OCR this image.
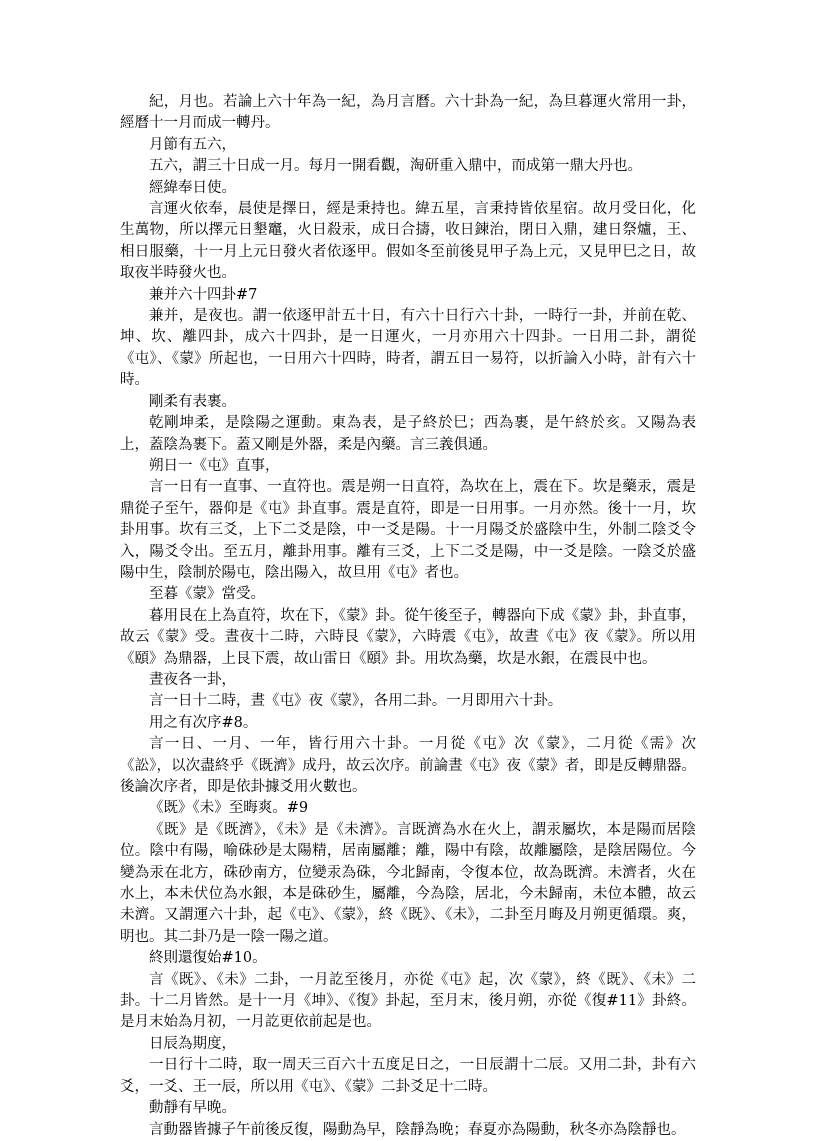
紀，月也。若論上六十年為一紀，為月言曆。六十卦為一紀，為旦暮運火常用一卦，經曆十一月而成一轉丹。

月節有五六，

五六，謂三十日成一月。每月一開看觀，淘研重入鼎中，而成第一鼎大丹也。

經緯奉日使。

言運火依奉，晨使是擇日，經是秉持也。緯五星，言秉持皆依星宿。故月受日化，化生萬物，所以擇元日墾竈，火日殺汞，成日合擣，收日鍊治，閉日入鼎，建日祭爐，王、相日服藥，十一月上元日發火者依逐甲。假如冬至前後見甲子為上元，又見甲巳之日，故取夜半時發火也。

兼并六十四卦#7

兼并，是夜也。謂一依逐甲計五十日，有六十日行六十卦，一時行一卦，并前在乾、坤、坎、離四卦，成六十四卦，是一日運火，一月亦用六十四卦。一日用二卦，謂從《屯》、《蒙》所起也，一日用六十四時，時者，謂五日一易符，以折論入小時，計有六十時。

剛柔有表裹。

乾剛坤柔，是陰陽之運動。東為表，是子終於巳；西為裹，是午終於亥。又陽為表上，蓋陰為裹下。蓋又剛是外器，柔是內藥。言三義俱通。

朔日一《屯》直事，

言一日有一直事、一直符也。震是朔一日直符，為坎在上，震在下。坎是藥汞，震是鼎從子至午，器仰是《屯》卦直事。震是直符，即是一日用事。一月亦然。後十一月，坎卦用事。坎有三爻，上下二爻是陰，中一爻是陽。十一月陽爻於盛陰中生，外制二陰爻令入，陽爻令出。至五月，離卦用事。離有三爻，上下二爻是陽，中一爻是陰。一陰爻於盛陽中生，陰制於陽屯，陰出陽入，故旦用《屯》者也。

至暮《蒙》當受。

暮用艮在上為直符，坎在下，《蒙》卦。從午後至子，轉器向下成《蒙》卦，卦直事，故云《蒙》受。晝夜十二時，六時艮《蒙》，六時震《屯》，故晝《屯》夜《蒙》。所以用《頤》為鼎器，上艮下震，故山雷日《頤》卦。用坎為藥，坎是水銀，在震艮中也。

晝夜各一卦，

言一日十二時，晝《屯》夜《蒙》，各用二卦。一月即用六十卦。

用之有次序#8。

言一日、一月、一年，皆行用六十卦。一月從《屯》次《蒙》，二月從《需》次《訟》，以次盡終乎《既濟》成丹，故云次序。前論晝《屯》夜《蒙》者，即是反轉鼎器。後論次序者，即是依卦據爻用火數也。

《既》《未》至晦爽。#9

《既》是《既濟》，《未》是《未濟》。言既濟為水在火上，謂汞屬坎，本是陽而居陰位。陰中有陽，喻硃砂是太陽精，居南屬離；離，陽中有陰，故離屬陰，是陰居陽位。今變為汞在北方，硃砂南方，位變汞為硃，今北歸南，令復本位，故為既濟。未濟者，火在水上，本未伏位為水銀，本是硃砂生，屬離，今為陰，居北，今未歸南，未位本體，故云未濟。又謂運六十卦，起《屯》、《蒙》，終《既》、《未》，二卦至月晦及月朔更循環。爽，明也。其二卦乃是一陰一陽之道。

終則還復始#10。

言《既》、《未》二卦，一月訖至後月，亦從《屯》起，次《蒙》，終《既》、《未》二卦。十二月皆然。是十一月《坤》、《復》卦起，至月末，後月朔，亦從《復#11》卦終。是月末始為月初，一月訖更依前起是也。

日辰為期度，

一日行十二時，取一周天三百六十五度足日之，一日辰謂十二辰。又用二卦，卦有六爻，一爻、王一辰，所以用《屯》、《蒙》二卦爻足十二時。

動靜有早晚。

言動器皆據子午前後反復，陽動為早，陰靜為晚；春夏亦為陽動，秋冬亦為陰靜也。
